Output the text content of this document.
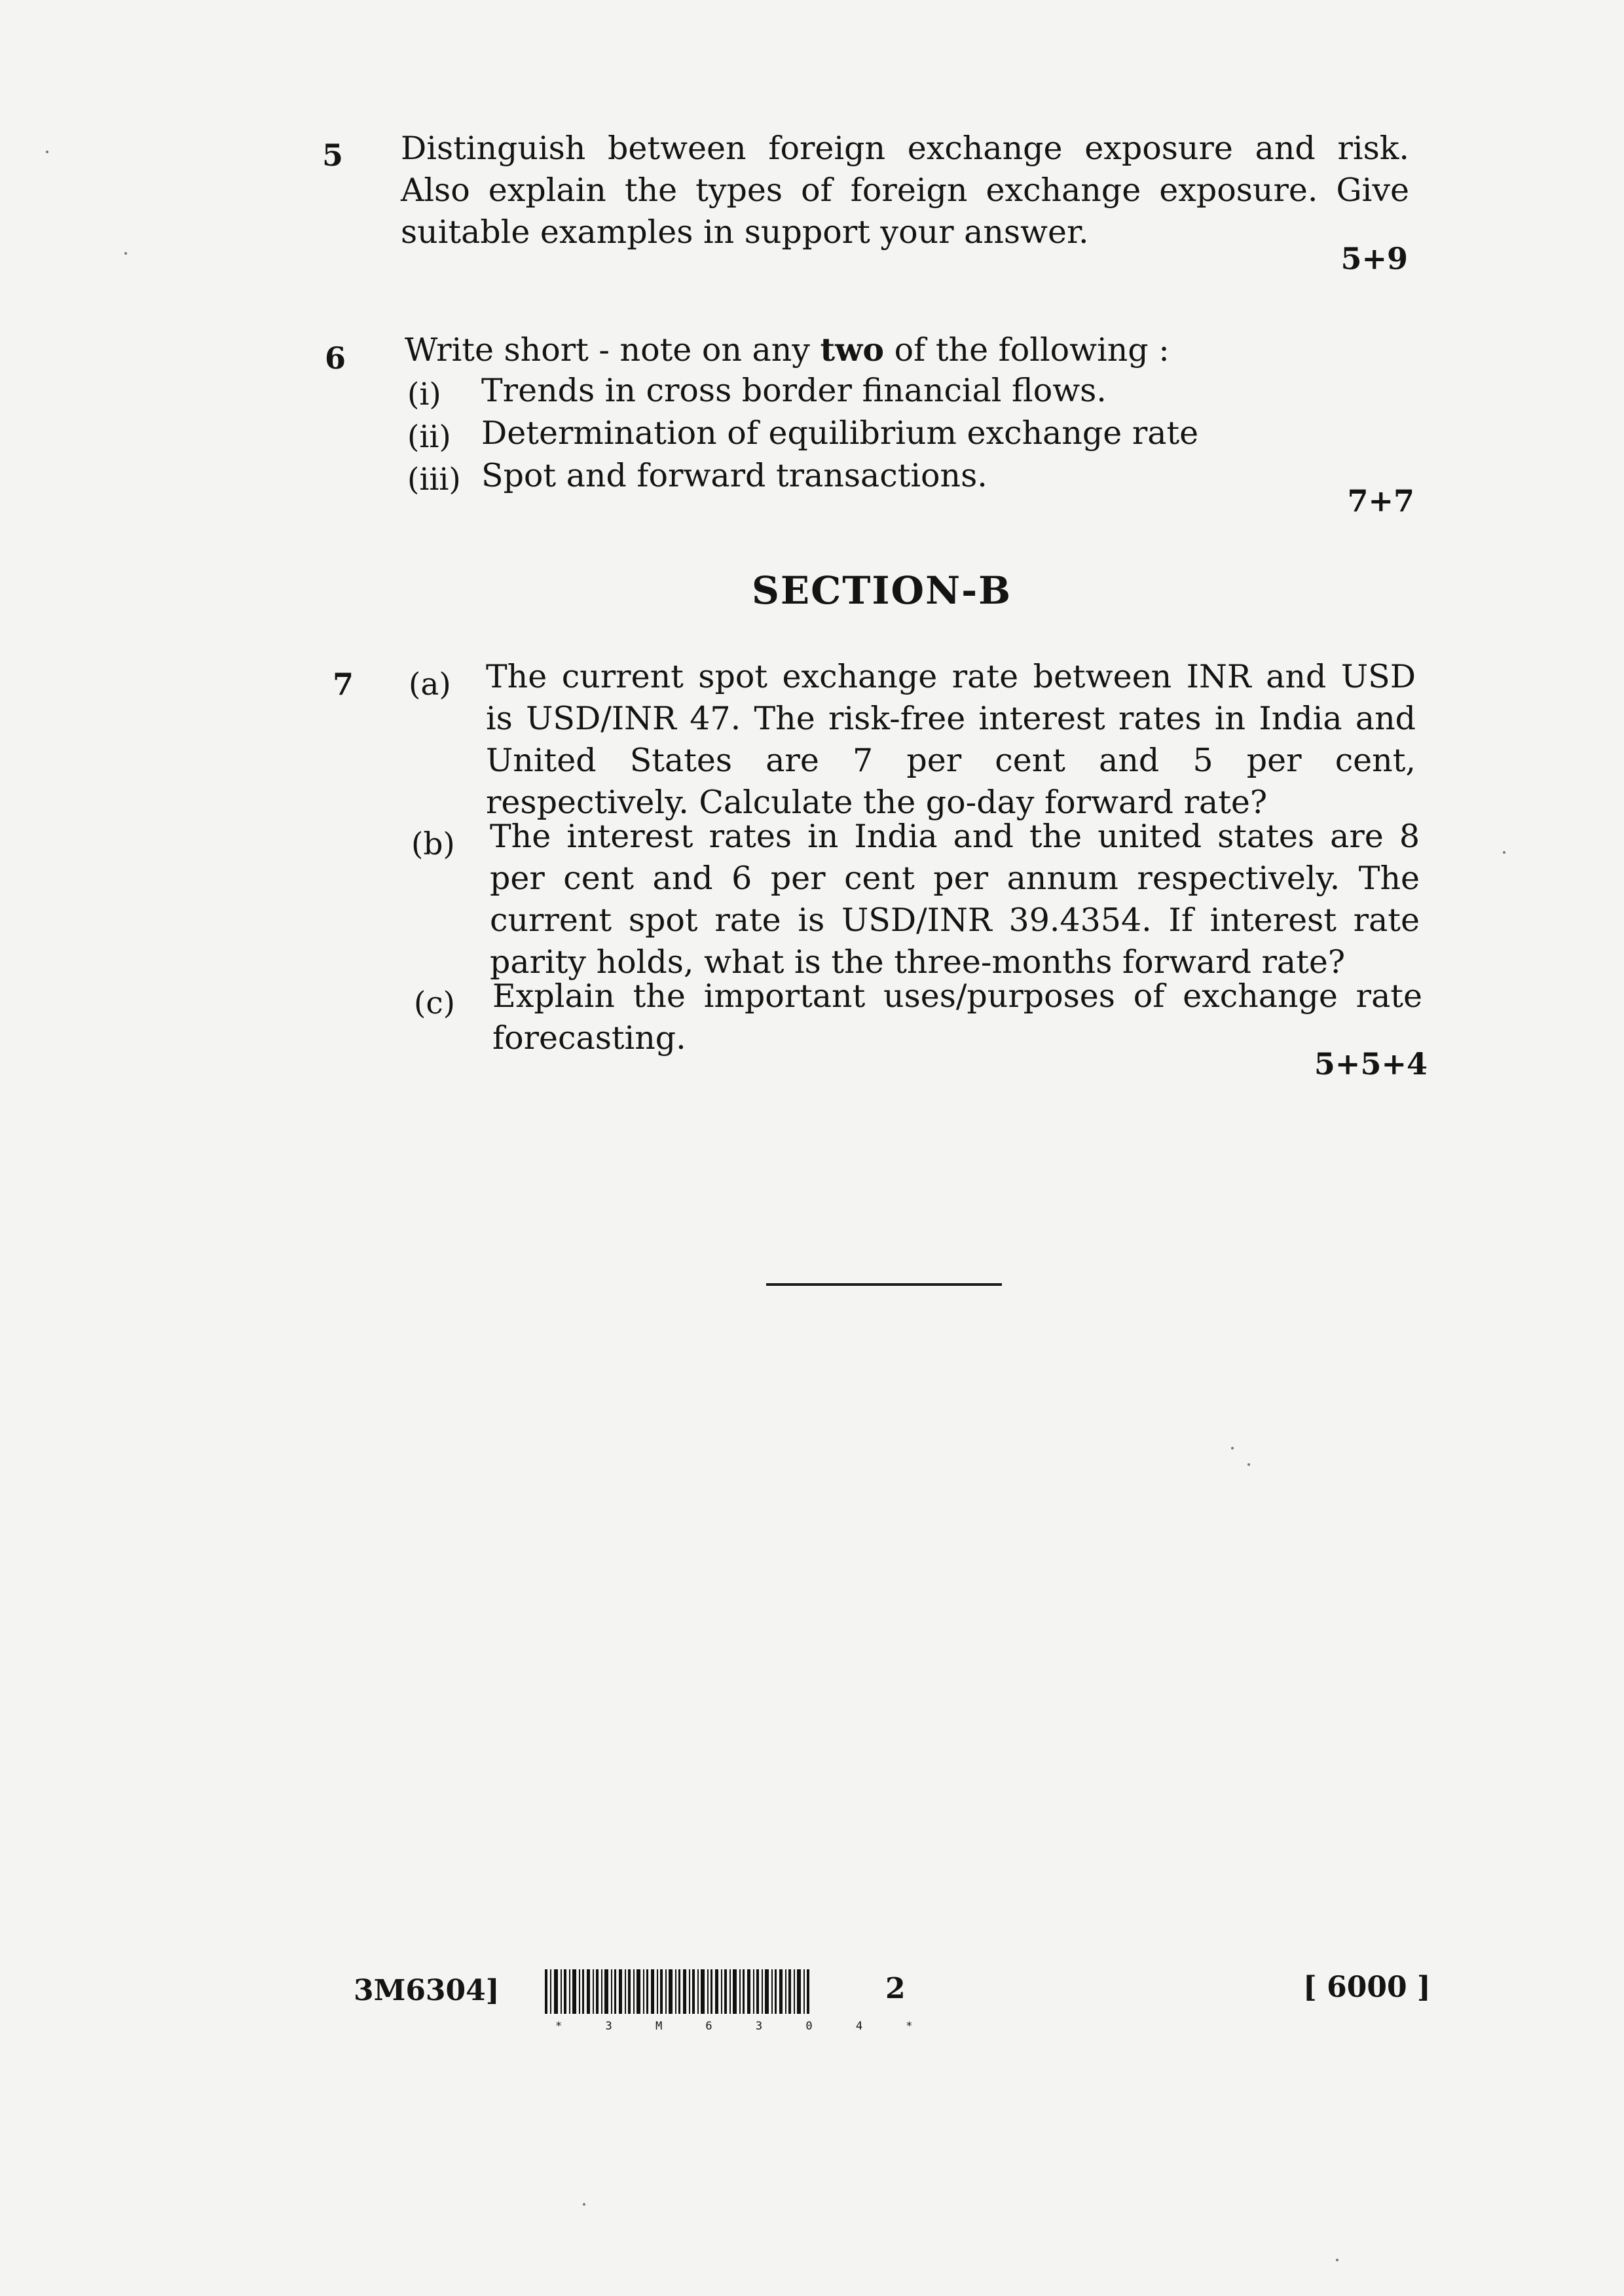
5 Distinguish between foreign exchange exposure and risk. Also explain the types of foreign exchange exposure. Give suitable examples in support your answer.
5+9
6 Write short - note on any two of the following :
(i) Trends in cross border financial flows.
(ii) Determination of equilibrium exchange rate
(iii) Spot and forward transactions.
7+7
SECTION-B
7 (a) The current spot exchange rate between INR and USD is USD/INR 47. The risk-free interest rates in India and United States are 7 per cent and 5 per cent, respectively. Calculate the go-day forward rate?
(b) The interest rates in India and the united states are 8 per cent and 6 per cent per annum respectively. The current spot rate is USD/INR 39.4354. If interest rate parity holds, what is the three-months forward rate?
(c) Explain the important uses/purposes of exchange rate forecasting.
5+5+4
3M6304]
* 3 M 6 3 0 4 *
2	[ 6000 ]
